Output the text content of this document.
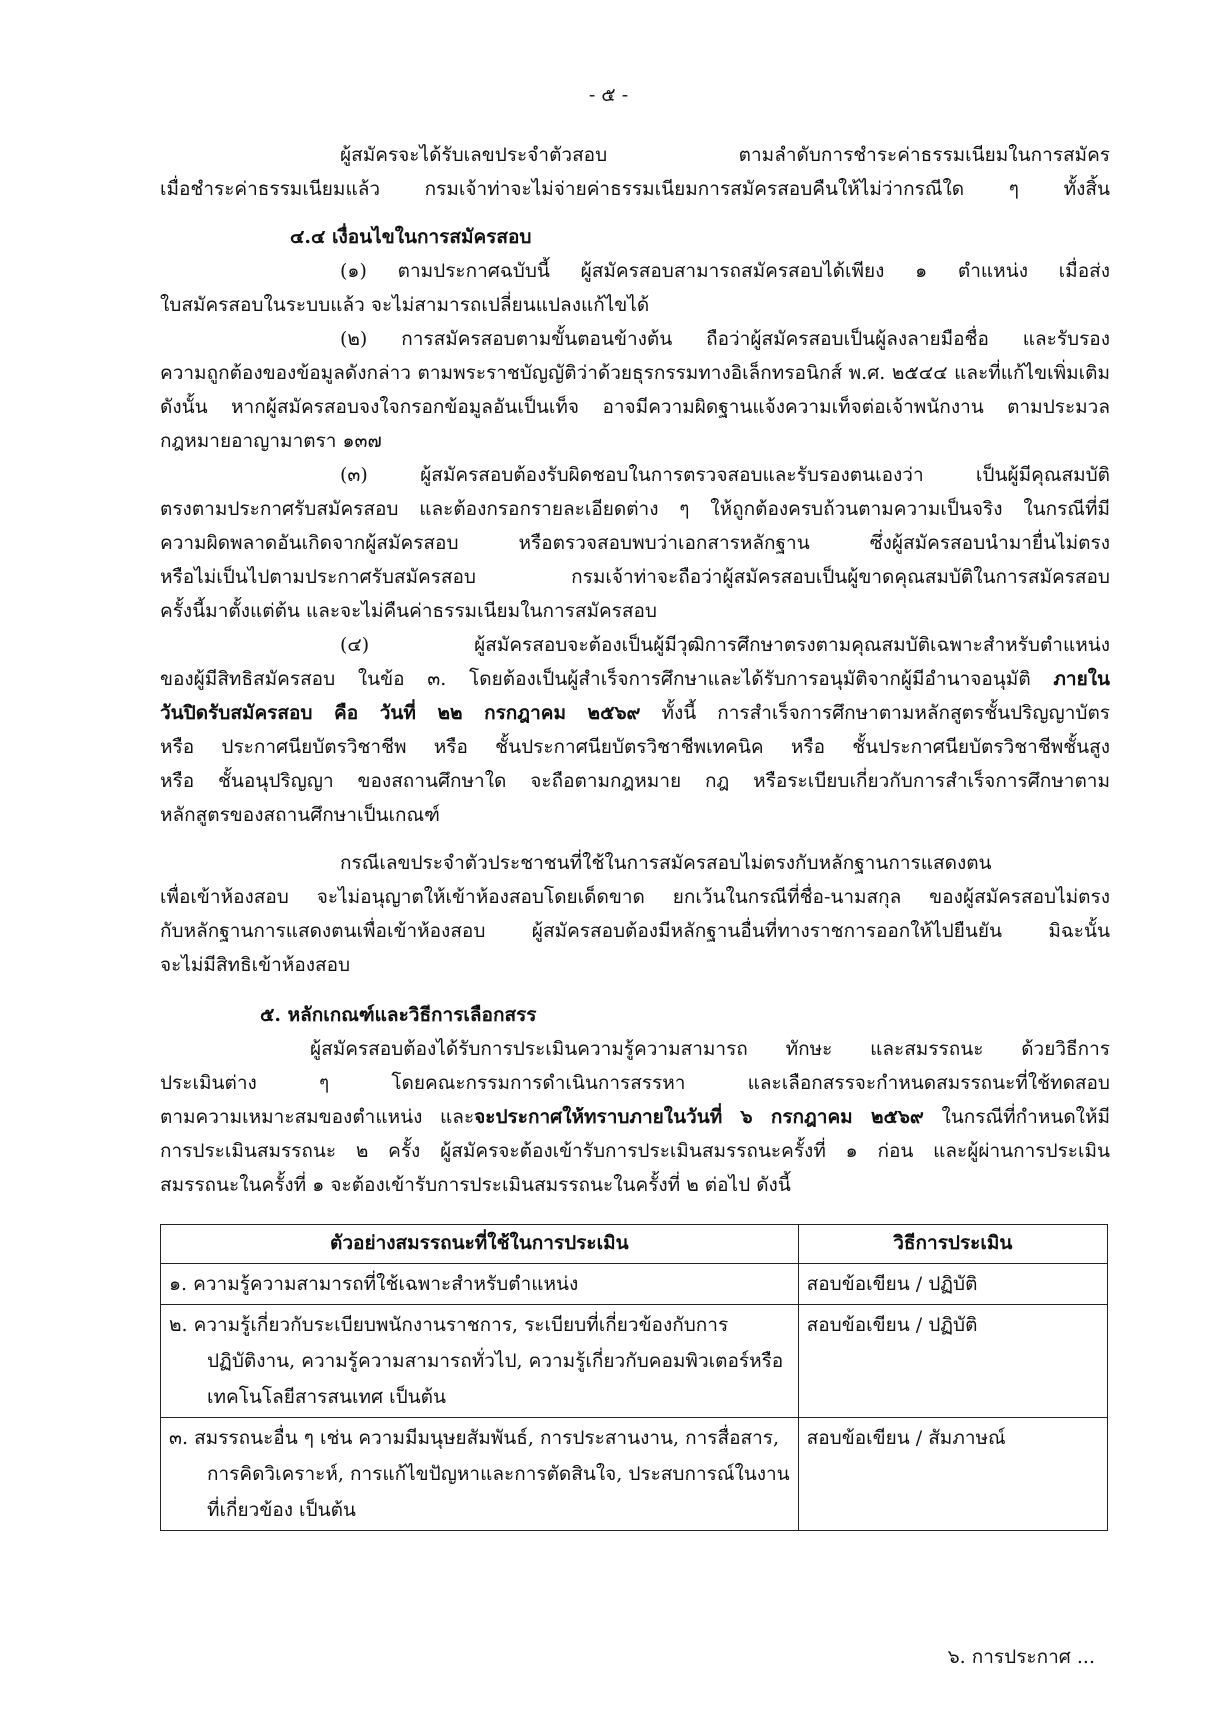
- ๕ -
ผู้สมัครจะได้รับเลขประจำตัวสอบ ตามลำดับการชำระค่าธรรมเนียมในการสมัคร
เมื่อชำระค่าธรรมเนียมแล้ว กรมเจ้าท่าจะไม่จ่ายค่าธรรมเนียมการสมัครสอบคืนให้ไม่ว่ากรณีใด ๆ ทั้งสิ้น
๔.๔ เงื่อนไขในการสมัครสอบ
(๑) ตามประกาศฉบับนี้ ผู้สมัครสอบสามารถสมัครสอบได้เพียง ๑ ตำแหน่ง เมื่อส่ง
ใบสมัครสอบในระบบแล้ว จะไม่สามารถเปลี่ยนแปลงแก้ไขได้
(๒) การสมัครสอบตามขั้นตอนข้างต้น ถือว่าผู้สมัครสอบเป็นผู้ลงลายมือชื่อ และรับรอง
ความถูกต้องของข้อมูลดังกล่าว ตามพระราชบัญญัติว่าด้วยธุรกรรมทางอิเล็กทรอนิกส์ พ.ศ. ๒๕๔๔ และที่แก้ไขเพิ่มเติม
ดังนั้น หากผู้สมัครสอบจงใจกรอกข้อมูลอันเป็นเท็จ อาจมีความผิดฐานแจ้งความเท็จต่อเจ้าพนักงาน ตามประมวล
กฎหมายอาญามาตรา ๑๓๗
(๓) ผู้สมัครสอบต้องรับผิดชอบในการตรวจสอบและรับรองตนเองว่า เป็นผู้มีคุณสมบัติ
ตรงตามประกาศรับสมัครสอบ และต้องกรอกรายละเอียดต่าง ๆ ให้ถูกต้องครบถ้วนตามความเป็นจริง ในกรณีที่มี
ความผิดพลาดอันเกิดจากผู้สมัครสอบ หรือตรวจสอบพบว่าเอกสารหลักฐาน ซึ่งผู้สมัครสอบนำมายื่นไม่ตรง
หรือไม่เป็นไปตามประกาศรับสมัครสอบ กรมเจ้าท่าจะถือว่าผู้สมัครสอบเป็นผู้ขาดคุณสมบัติในการสมัครสอบ
ครั้งนี้มาตั้งแต่ต้น และจะไม่คืนค่าธรรมเนียมในการสมัครสอบ
(๔) ผู้สมัครสอบจะต้องเป็นผู้มีวุฒิการศึกษาตรงตามคุณสมบัติเฉพาะสำหรับตำแหน่ง
ของผู้มีสิทธิสมัครสอบ ในข้อ ๓. โดยต้องเป็นผู้สำเร็จการศึกษาและได้รับการอนุมัติจากผู้มีอำนาจอนุมัติ ภายใน
วันปิดรับสมัครสอบ คือ วันที่ ๒๒ กรกฎาคม ๒๕๖๙ ทั้งนี้ การสำเร็จการศึกษาตามหลักสูตรชั้นปริญญาบัตร
หรือ ประกาศนียบัตรวิชาชีพ หรือ ชั้นประกาศนียบัตรวิชาชีพเทคนิค หรือ ชั้นประกาศนียบัตรวิชาชีพชั้นสูง
หรือ ชั้นอนุปริญญา ของสถานศึกษาใด จะถือตามกฎหมาย กฎ หรือระเบียบเกี่ยวกับการสำเร็จการศึกษาตาม
หลักสูตรของสถานศึกษาเป็นเกณฑ์
กรณีเลขประจำตัวประชาชนที่ใช้ในการสมัครสอบไม่ตรงกับหลักฐานการแสดงตน
เพื่อเข้าห้องสอบ จะไม่อนุญาตให้เข้าห้องสอบโดยเด็ดขาด ยกเว้นในกรณีที่ชื่อ-นามสกุล ของผู้สมัครสอบไม่ตรง
กับหลักฐานการแสดงตนเพื่อเข้าห้องสอบ ผู้สมัครสอบต้องมีหลักฐานอื่นที่ทางราชการออกให้ไปยืนยัน มิฉะนั้น
จะไม่มีสิทธิเข้าห้องสอบ
๕. หลักเกณฑ์และวิธีการเลือกสรร
ผู้สมัครสอบต้องได้รับการประเมินความรู้ความสามารถ ทักษะ และสมรรถนะ ด้วยวิธีการ
ประเมินต่าง ๆ โดยคณะกรรมการดำเนินการสรรหา และเลือกสรรจะกำหนดสมรรถนะที่ใช้ทดสอบ
ตามความเหมาะสมของตำแหน่ง และจะประกาศให้ทราบภายในวันที่ ๖ กรกฎาคม ๒๕๖๙ ในกรณีที่กำหนดให้มี
การประเมินสมรรถนะ ๒ ครั้ง ผู้สมัครจะต้องเข้ารับการประเมินสมรรถนะครั้งที่ ๑ ก่อน และผู้ผ่านการประเมิน
สมรรถนะในครั้งที่ ๑ จะต้องเข้ารับการประเมินสมรรถนะในครั้งที่ ๒ ต่อไป ดังนี้
ตัวอย่างสมรรถนะที่ใช้ในการประเมิน	วิธีการประเมิน

๑. ความรู้ความสามารถที่ใช้เฉพาะสำหรับตำแหน่ง	สอบข้อเขียน / ปฏิบัติ

๒. ความรู้เกี่ยวกับระเบียบพนักงานราชการ, ระเบียบที่เกี่ยวข้องกับการ
ปฏิบัติงาน, ความรู้ความสามารถทั่วไป, ความรู้เกี่ยวกับคอมพิวเตอร์หรือ
เทคโนโลยีสารสนเทศ เป็นต้น	สอบข้อเขียน / ปฏิบัติ

๓. สมรรถนะอื่น ๆ เช่น ความมีมนุษยสัมพันธ์, การประสานงาน, การสื่อสาร,
การคิดวิเคราะห์, การแก้ไขปัญหาและการตัดสินใจ, ประสบการณ์ในงาน
ที่เกี่ยวข้อง เป็นต้น	สอบข้อเขียน / สัมภาษณ์
๖. การประกาศ ...
